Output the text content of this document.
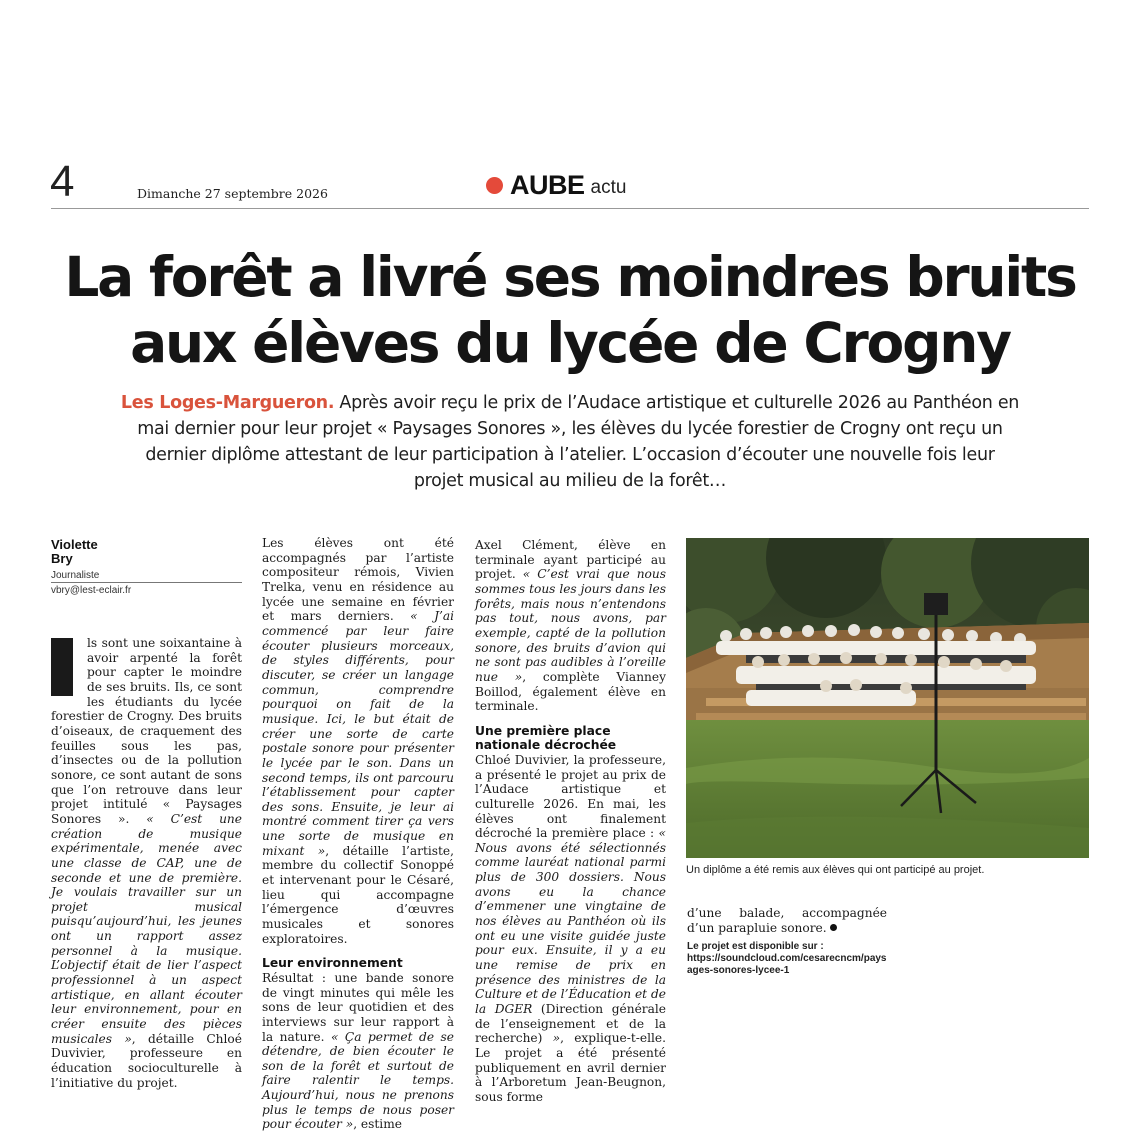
4	Dimanche 27 septembre 2026	AUBE actu
La forêt a livré ses moindres bruits
aux élèves du lycée de Crogny
Les Loges-Margueron. Après avoir reçu le prix de l’Audace artistique et culturelle 2026 au Panthéon en mai dernier pour leur projet « Paysages Sonores », les élèves du lycée forestier de Crogny ont reçu un dernier diplôme attestant de leur participation à l’atelier. L’occasion d’écouter une nouvelle fois leur projet musical au milieu de la forêt…
Violette
Bry
Journaliste
vbry@lest-eclair.fr

ls sont une soixantaine à avoir arpenté la forêt pour capter le moindre de ses bruits. Ils, ce sont les étudiants du lycée forestier de Crogny. Des bruits d’oiseaux, de craquement des feuilles sous les pas, d’insectes ou de la pollution sonore, ce sont autant de sons que l’on retrouve dans leur projet intitulé « Paysages Sonores ». « C’est une création de musique expérimentale, menée avec une classe de CAP, une de seconde et une de première. Je voulais travailler sur un projet musical puisqu’aujourd’hui, les jeunes ont un rapport assez personnel à la musique. L’objectif était de lier l’aspect professionnel à un aspect artistique, en allant écouter leur environnement, pour en créer ensuite des pièces musicales », détaille Chloé Duvivier, professeure en éducation socioculturelle à l’initiative du projet.

Les élèves ont été accompagnés par l’artiste compositeur rémois, Vivien Trelka, venu en résidence au lycée une semaine en février et mars derniers. « J’ai commencé par leur faire écouter plusieurs morceaux, de styles différents, pour discuter, se créer un langage commun, comprendre pourquoi on fait de la musique. Ici, le but était de créer une sorte de carte postale sonore pour présenter le lycée par le son. Dans un second temps, ils ont parcouru l’établissement pour capter des sons. Ensuite, je leur ai montré comment tirer ça vers une sorte de musique en mixant », détaille l’artiste, membre du collectif Sonoppé et intervenant pour le Césaré, lieu qui accompagne l’émergence d’œuvres musicales et sonores exploratoires.

Leur environnement

Résultat : une bande sonore de vingt minutes qui mêle les sons de leur quotidien et des interviews sur leur rapport à la nature. « Ça permet de se détendre, de bien écouter le son de la forêt et surtout de faire ralentir le temps. Aujourd’hui, nous ne prenons plus le temps de nous poser pour écouter », estime

Axel Clément, élève en terminale ayant participé au projet. « C’est vrai que nous sommes tous les jours dans les forêts, mais nous n’entendons pas tout, nous avons, par exemple, capté de la pollution sonore, des bruits d’avion qui ne sont pas audibles à l’oreille nue », complète Vianney Boillod, également élève en terminale.

Une première place nationale décrochée

Chloé Duvivier, la professeure, a présenté le projet au prix de l’Audace artistique et culturelle 2026. En mai, les élèves ont finalement décroché la première place : « Nous avons été sélectionnés comme lauréat national parmi plus de 300 dossiers. Nous avons eu la chance d’emmener une vingtaine de nos élèves au Panthéon où ils ont eu une visite guidée juste pour eux. Ensuite, il y a eu une remise de prix en présence des ministres de la Culture et de l’Éducation et de la DGER (Direction générale de l’enseignement et de la recherche) », explique-t-elle. Le projet a été présenté publiquement en avril dernier à l’Arboretum Jean-Beugnon, sous forme

Un diplôme a été remis aux élèves qui ont participé au projet.

d’une balade, accompagnée d’un parapluie sonore.

Le projet est disponible sur :
https://soundcloud.com/cesarecncm/paysages-sonores-lycee-1
